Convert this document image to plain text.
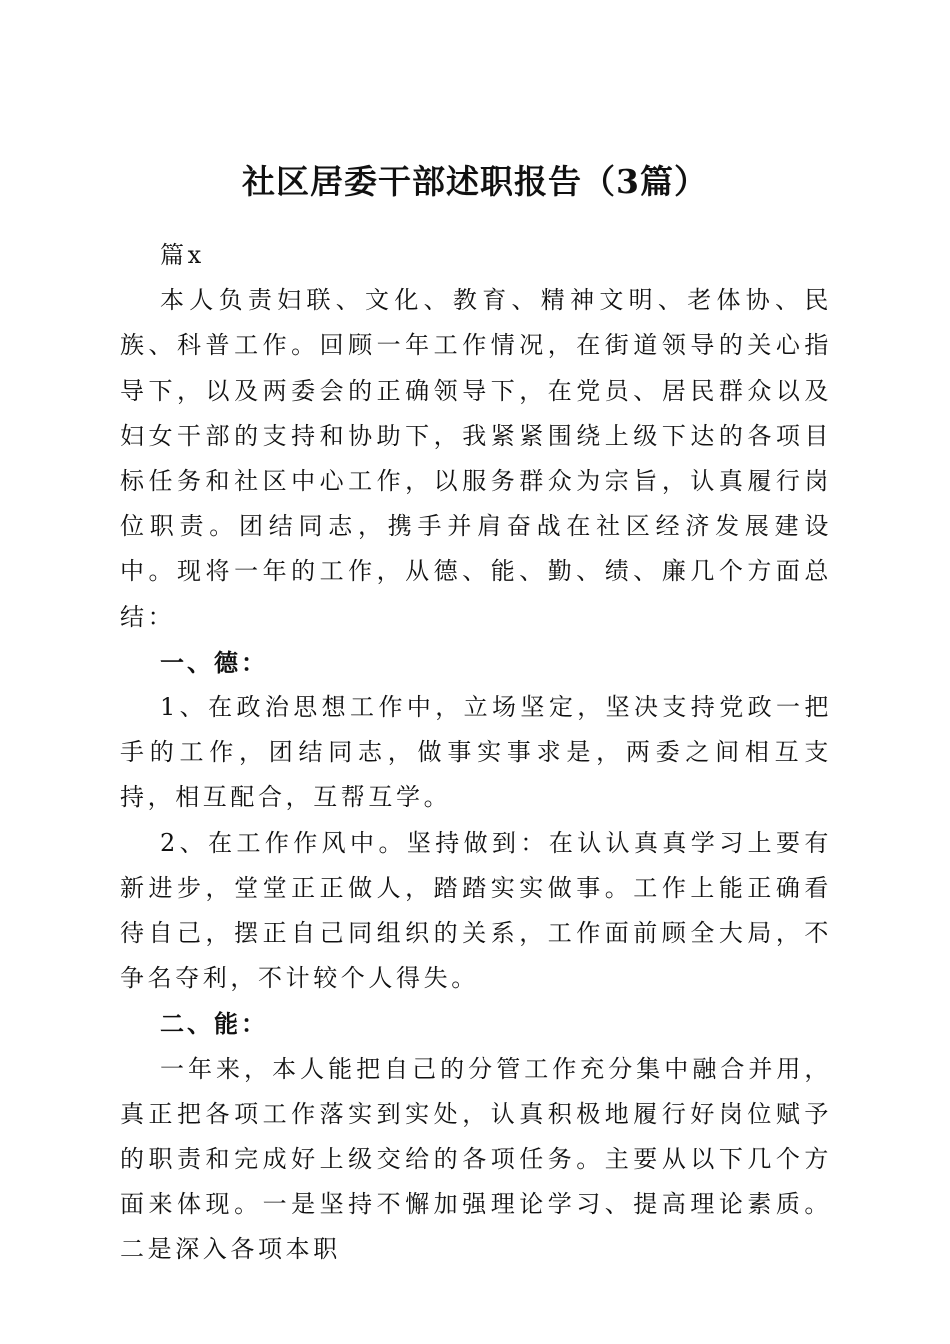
社区居委干部述职报告（3篇）

篇x

本人负责妇联、文化、教育、精神文明、老体协、民族、科普工作。回顾一年工作情况，在街道领导的关心指导下，以及两委会的正确领导下，在党员、居民群众以及妇女干部的支持和协助下，我紧紧围绕上级下达的各项目标任务和社区中心工作，以服务群众为宗旨，认真履行岗位职责。团结同志，携手并肩奋战在社区经济发展建设中。现将一年的工作，从德、能、勤、绩、廉几个方面总结：

一、德：

1、在政治思想工作中，立场坚定，坚决支持党政一把手的工作，团结同志，做事实事求是，两委之间相互支持，相互配合，互帮互学。

2、在工作作风中。坚持做到：在认认真真学习上要有新进步，堂堂正正做人，踏踏实实做事。工作上能正确看待自己，摆正自己同组织的关系，工作面前顾全大局，不争名夺利，不计较个人得失。

二、能：

一年来，本人能把自己的分管工作充分集中融合并用，真正把各项工作落实到实处，认真积极地履行好岗位赋予的职责和完成好上级交给的各项任务。主要从以下几个方面来体现。一是坚持不懈加强理论学习、提高理论素质。二是深入各项本职
